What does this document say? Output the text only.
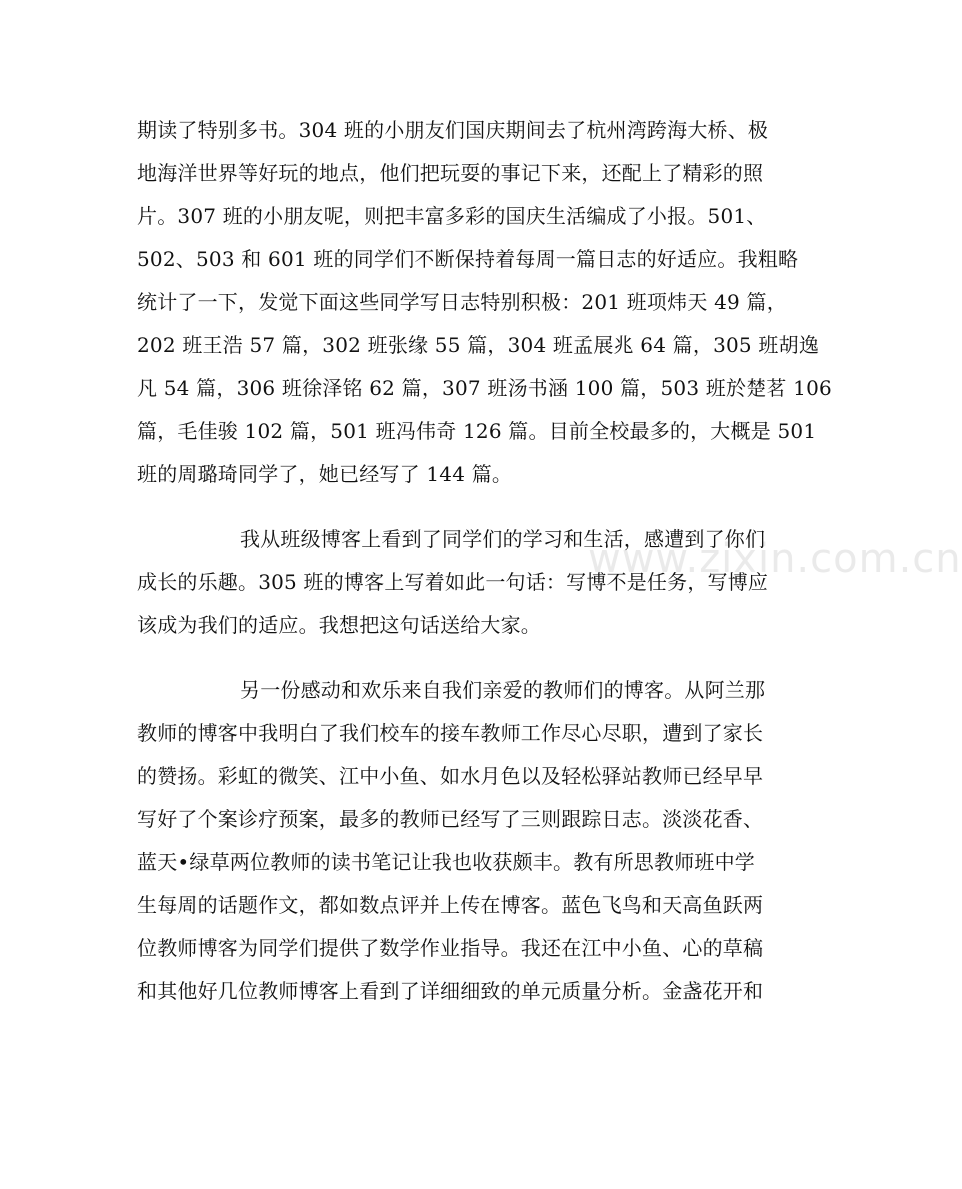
www.zixin.com.cn
期读了特别多书。304 班的小朋友们国庆期间去了杭州湾跨海大桥、极
地海洋世界等好玩的地点，他们把玩耍的事记下来，还配上了精彩的照
片。307 班的小朋友呢，则把丰富多彩的国庆生活编成了小报。501、
502、503 和 601 班的同学们不断保持着每周一篇日志的好适应。我粗略
统计了一下，发觉下面这些同学写日志特别积极：201 班项炜天 49 篇，
202 班王浩 57 篇，302 班张缘 55 篇，304 班孟展兆 64 篇，305 班胡逸
凡 54 篇，306 班徐泽铭 62 篇，307 班汤书涵 100 篇，503 班於楚茗 106
篇，毛佳骏 102 篇，501 班冯伟奇 126 篇。目前全校最多的，大概是 501
班的周璐琦同学了，她已经写了 144 篇。
我从班级博客上看到了同学们的学习和生活，感遭到了你们
成长的乐趣。305 班的博客上写着如此一句话：写博不是任务，写博应
该成为我们的适应。我想把这句话送给大家。
另一份感动和欢乐来自我们亲爱的教师们的博客。从阿兰那
教师的博客中我明白了我们校车的接车教师工作尽心尽职，遭到了家长
的赞扬。彩虹的微笑、江中小鱼、如水月色以及轻松驿站教师已经早早
写好了个案诊疗预案，最多的教师已经写了三则跟踪日志。淡淡花香、
蓝天•绿草两位教师的读书笔记让我也收获颇丰。教有所思教师班中学
生每周的话题作文，都如数点评并上传在博客。蓝色飞鸟和天高鱼跃两
位教师博客为同学们提供了数学作业指导。我还在江中小鱼、心的草稿
和其他好几位教师博客上看到了详细细致的单元质量分析。金盏花开和
